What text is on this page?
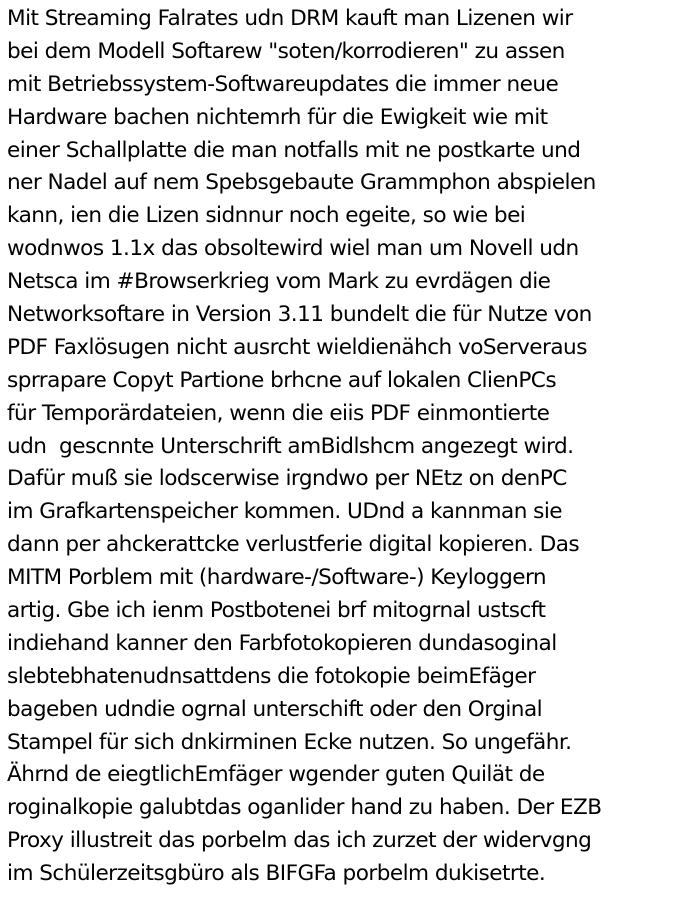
Mit Streaming Falrates udn DRM kauft man Lizenen wir
bei dem Modell Softarew "soten/korrodieren" zu assen
mit Betriebssystem-Softwareupdates die immer neue
Hardware bachen nichtemrh für die Ewigkeit wie mit
einer Schallplatte die man notfalls mit ne postkarte und
ner Nadel auf nem Spebsgebaute Grammphon abspielen
kann, ien die Lizen sidnnur noch egeite, so wie bei
wodnwos 1.1x das obsoltewird wiel man um Novell udn
Netsca im #Browserkrieg vom Mark zu evrdägen die
Networksoftare in Version 3.11 bundelt die für Nutze von
PDF Faxlösugen nicht ausrcht wieldienähch voServeraus
sprrapare Copyt Partione brhcne auf lokalen ClienPCs
für Temporärdateien, wenn die eiis PDF einmontierte
udn  gescnnte Unterschrift amBidlshcm angezegt wird.
Dafür muß sie lodscerwise irgndwo per NEtz on denPC
im Grafkartenspeicher kommen. UDnd a kannman sie
dann per ahckerattcke verlustferie digital kopieren. Das
MITM Porblem mit (hardware-/Software-) Keyloggern
artig. Gbe ich ienm Postbotenei brf mitogrnal ustscft
indiehand kanner den Farbfotokopieren dundasoginal
slebtebhatenudnsattdens die fotokopie beimEfäger
bageben udndie ogrnal unterschift oder den Orginal
Stampel für sich dnkirminen Ecke nutzen. So ungefähr.
Ährnd de eiegtlichEmfäger wgender guten Quilät de
roginalkopie galubtdas oganlider hand zu haben. Der EZB
Proxy illustreit das porbelm das ich zurzet der widervgng
im Schülerzeitsgbüro als BIFGFa porbelm dukisetrte.
